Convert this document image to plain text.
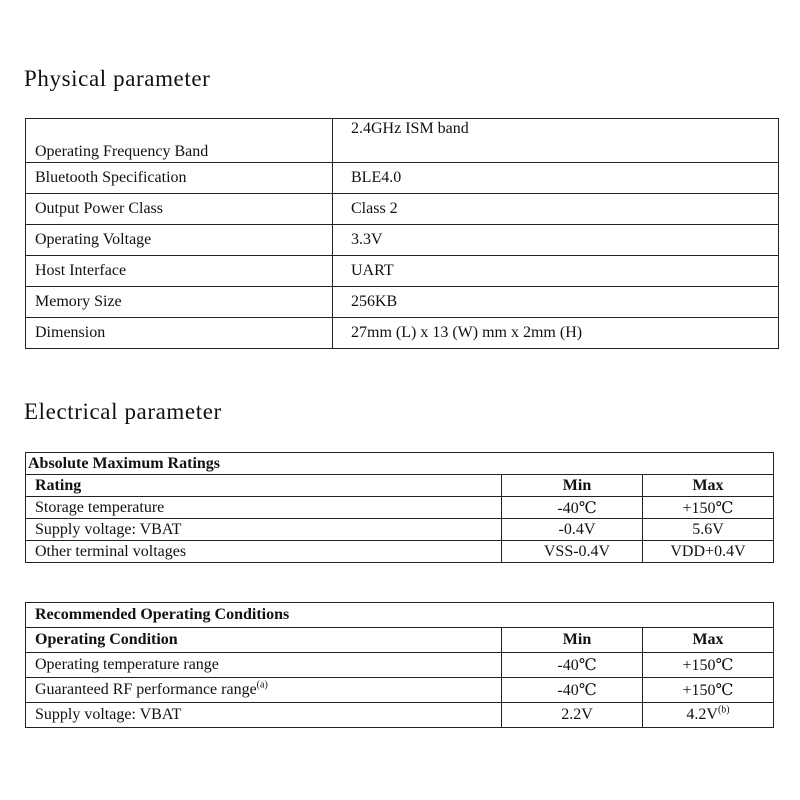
Physical parameter
Operating Frequency Band	2.4GHz ISM band
Bluetooth Specification	BLE4.0
Output Power Class	Class 2
Operating Voltage	3.3V
Host Interface	UART
Memory Size	256KB
Dimension	27mm (L) x 13 (W) mm x 2mm (H)
Electrical parameter
Absolute Maximum Ratings		
Rating	Min	Max
Storage temperature	-40℃	+150℃
Supply voltage: VBAT	-0.4V	5.6V
Other terminal voltages	VSS-0.4V	VDD+0.4V
Recommended Operating Conditions		
Operating Condition	Min	Max
Operating temperature range	-40℃	+150℃
Guaranteed RF performance range$^{(a)}$	-40℃	+150℃
Supply voltage: VBAT	2.2V	$4.2V^{(b)}$
